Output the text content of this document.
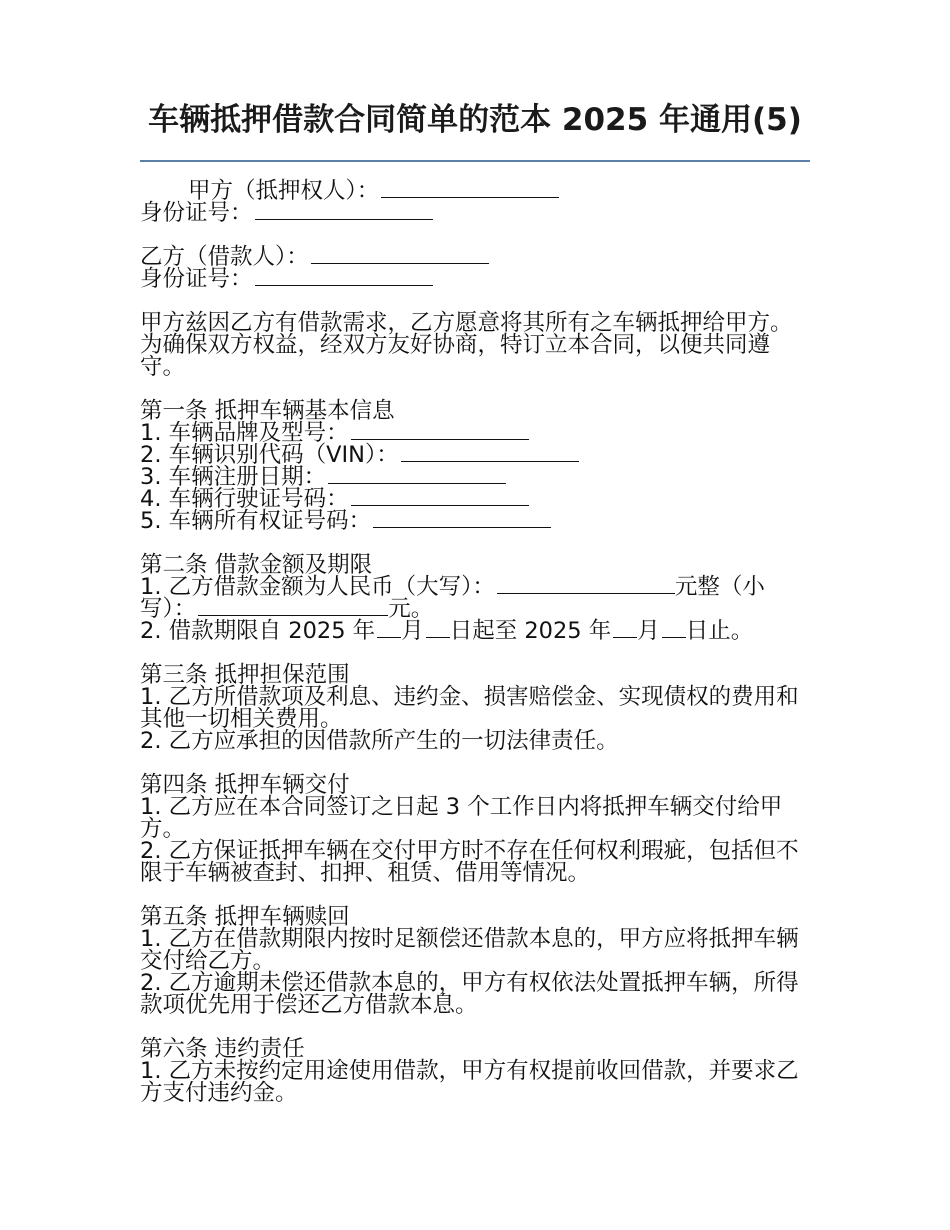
车辆抵押借款合同简单的范本 2025 年通用(5)

甲方（抵押权人）：
身份证号：

乙方（借款人）：
身份证号：

甲方兹因乙方有借款需求，乙方愿意将其所有之车辆抵押给甲方。为确保双方权益，经双方友好协商，特订立本合同，以便共同遵守。

第一条 抵押车辆基本信息
1. 车辆品牌及型号：
2. 车辆识别代码（VIN）：
3. 车辆注册日期：
4. 车辆行驶证号码：
5. 车辆所有权证号码：

第二条 借款金额及期限
1. 乙方借款金额为人民币（大写）：	元整（小写）：	元。
2. 借款期限自 2025 年 月 日起至 2025 年 月 日止。

第三条 抵押担保范围
1. 乙方所借款项及利息、违约金、损害赔偿金、实现债权的费用和其他一切相关费用。
2. 乙方应承担的因借款所产生的一切法律责任。

第四条 抵押车辆交付
1. 乙方应在本合同签订之日起 3 个工作日内将抵押车辆交付给甲方。
2. 乙方保证抵押车辆在交付甲方时不存在任何权利瑕疵，包括但不限于车辆被查封、扣押、租赁、借用等情况。

第五条 抵押车辆赎回
1. 乙方在借款期限内按时足额偿还借款本息的，甲方应将抵押车辆交付给乙方。
2. 乙方逾期未偿还借款本息的，甲方有权依法处置抵押车辆，所得款项优先用于偿还乙方借款本息。

第六条 违约责任
1. 乙方未按约定用途使用借款，甲方有权提前收回借款，并要求乙方支付违约金。
